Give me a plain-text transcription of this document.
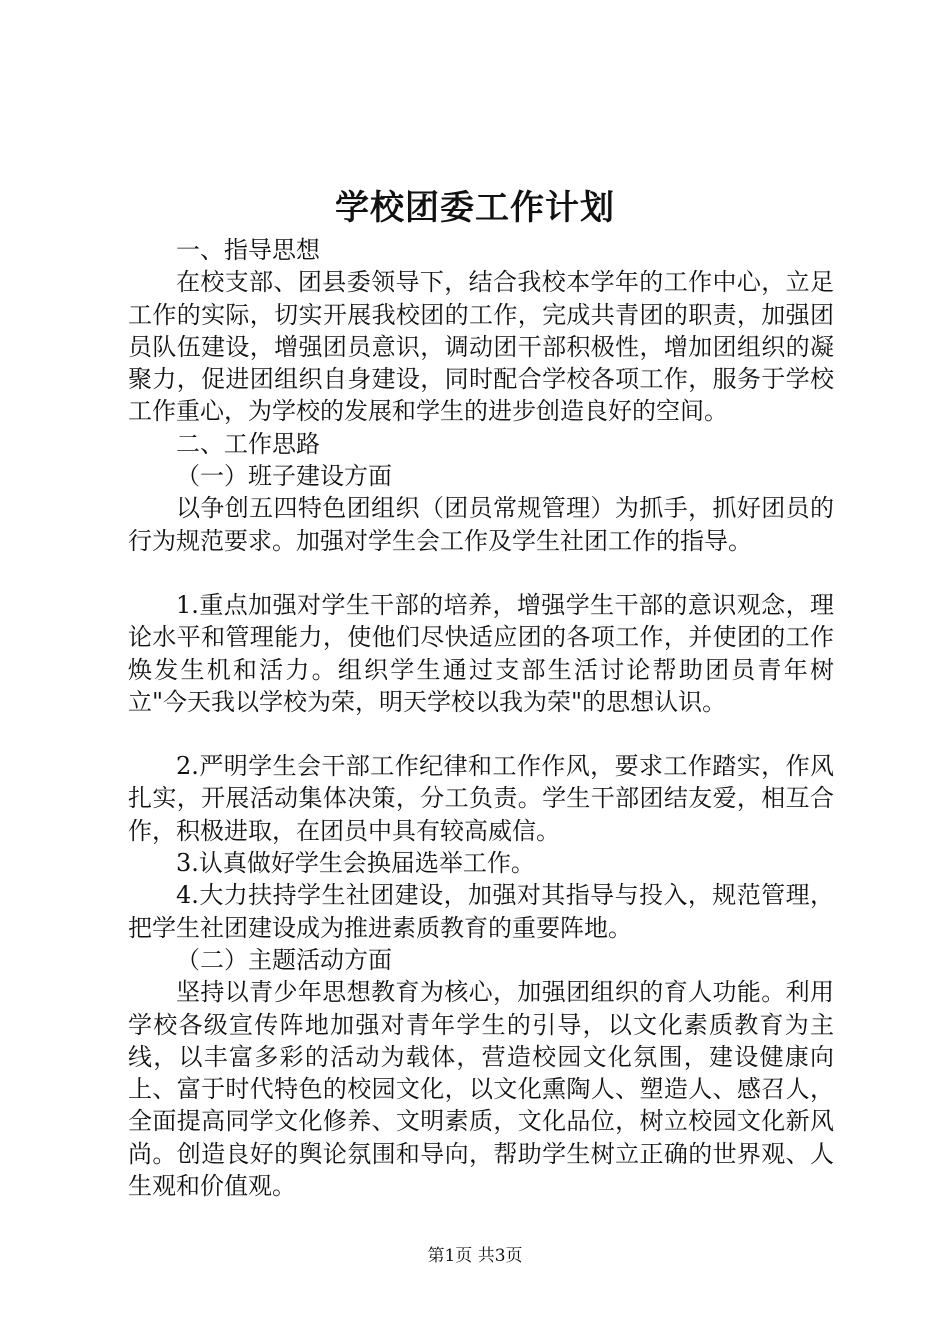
学校团委工作计划

一、指导思想

在校支部、团县委领导下，结合我校本学年的工作中心，立足工作的实际，切实开展我校团的工作，完成共青团的职责，加强团员队伍建设，增强团员意识，调动团干部积极性，增加团组织的凝聚力，促进团组织自身建设，同时配合学校各项工作，服务于学校工作重心，为学校的发展和学生的进步创造良好的空间。

二、工作思路

（一）班子建设方面

以争创五四特色团组织（团员常规管理）为抓手，抓好团员的行为规范要求。加强对学生会工作及学生社团工作的指导。

1.重点加强对学生干部的培养，增强学生干部的意识观念，理论水平和管理能力，使他们尽快适应团的各项工作，并使团的工作焕发生机和活力。组织学生通过支部生活讨论帮助团员青年树立"今天我以学校为荣，明天学校以我为荣"的思想认识。

2.严明学生会干部工作纪律和工作作风，要求工作踏实，作风扎实，开展活动集体决策，分工负责。学生干部团结友爱，相互合作，积极进取，在团员中具有较高威信。

3.认真做好学生会换届选举工作。

4.大力扶持学生社团建设，加强对其指导与投入，规范管理，把学生社团建设成为推进素质教育的重要阵地。

（二）主题活动方面

坚持以青少年思想教育为核心，加强团组织的育人功能。利用学校各级宣传阵地加强对青年学生的引导，以文化素质教育为主线，以丰富多彩的活动为载体，营造校园文化氛围，建设健康向上、富于时代特色的校园文化，以文化熏陶人、塑造人、感召人，全面提高同学文化修养、文明素质，文化品位，树立校园文化新风尚。创造良好的舆论氛围和导向，帮助学生树立正确的世界观、人生观和价值观。

第1页 共3页
